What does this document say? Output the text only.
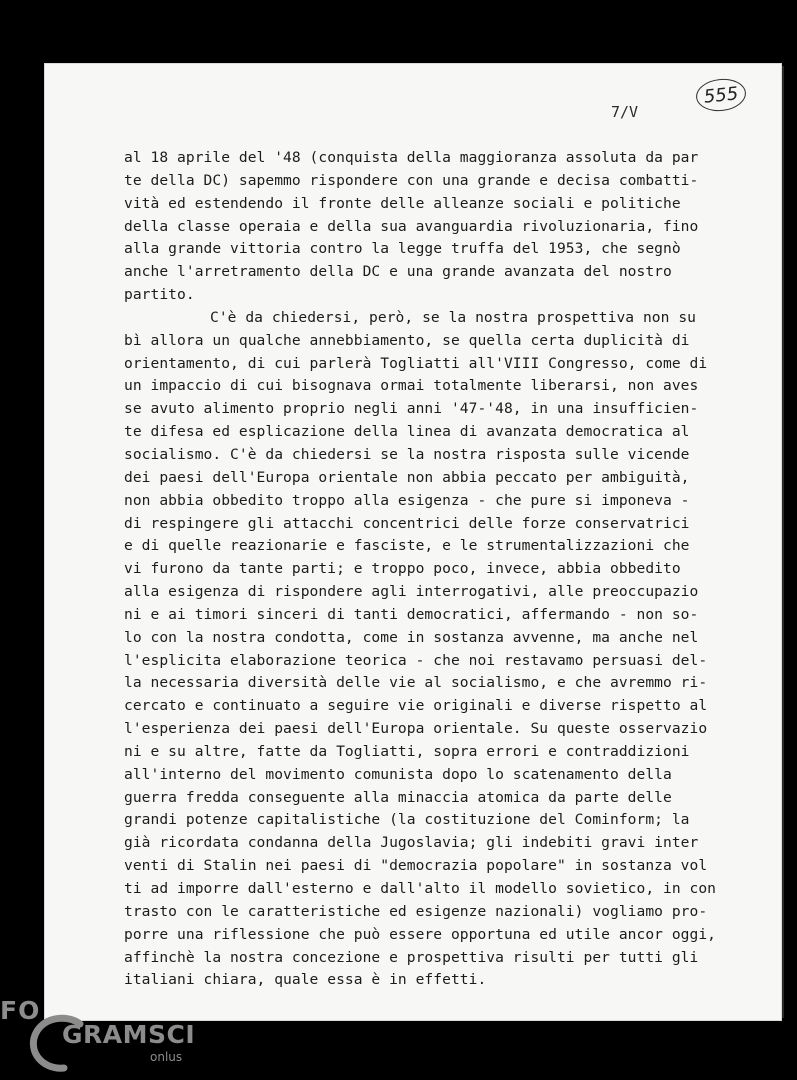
555
7/V
al 18 aprile del '48 (conquista della maggioranza assoluta da par
te della DC) sapemmo rispondere con una grande e decisa combatti-
vità ed estendendo il fronte delle alleanze sociali e politiche
della classe operaia e della sua avanguardia rivoluzionaria, fino
alla grande vittoria contro la legge truffa del 1953, che segnò
anche l'arretramento della DC e una grande avanzata del nostro
partito.
C'è da chiedersi, però, se la nostra prospettiva non su
bì allora un qualche annebbiamento, se quella certa duplicità di
orientamento, di cui parlerà Togliatti all'VIII Congresso, come di
un impaccio di cui bisognava ormai totalmente liberarsi, non aves
se avuto alimento proprio negli anni '47-'48, in una insufficien-
te difesa ed esplicazione della linea di avanzata democratica al
socialismo. C'è da chiedersi se la nostra risposta sulle vicende
dei paesi dell'Europa orientale non abbia peccato per ambiguità,
non abbia obbedito troppo alla esigenza - che pure si imponeva -
di respingere gli attacchi concentrici delle forze conservatrici
e di quelle reazionarie e fasciste, e le strumentalizzazioni che
vi furono da tante parti; e troppo poco, invece, abbia obbedito
alla esigenza di rispondere agli interrogativi, alle preoccupazio
ni e ai timori sinceri di tanti democratici, affermando - non so-
lo con la nostra condotta, come in sostanza avvenne, ma anche nel
l'esplicita elaborazione teorica - che noi restavamo persuasi del-
la necessaria diversità delle vie al socialismo, e che avremmo ri-
cercato e continuato a seguire vie originali e diverse rispetto al
l'esperienza dei paesi dell'Europa orientale. Su queste osservazio
ni e su altre, fatte da Togliatti, sopra errori e contraddizioni
all'interno del movimento comunista dopo lo scatenamento della
guerra fredda conseguente alla minaccia atomica da parte delle
grandi potenze capitalistiche (la costituzione del Cominform; la
già ricordata condanna della Jugoslavia; gli indebiti gravi inter
venti di Stalin nei paesi di "democrazia popolare" in sostanza vol
ti ad imporre dall'esterno e dall'alto il modello sovietico, in con
trasto con le caratteristiche ed esigenze nazionali) vogliamo pro-
porre una riflessione che può essere opportuna ed utile ancor oggi,
affinchè la nostra concezione e prospettiva risulti per tutti gli
italiani chiara, quale essa è in effetti.
FO
GRAMSCI
onlus
